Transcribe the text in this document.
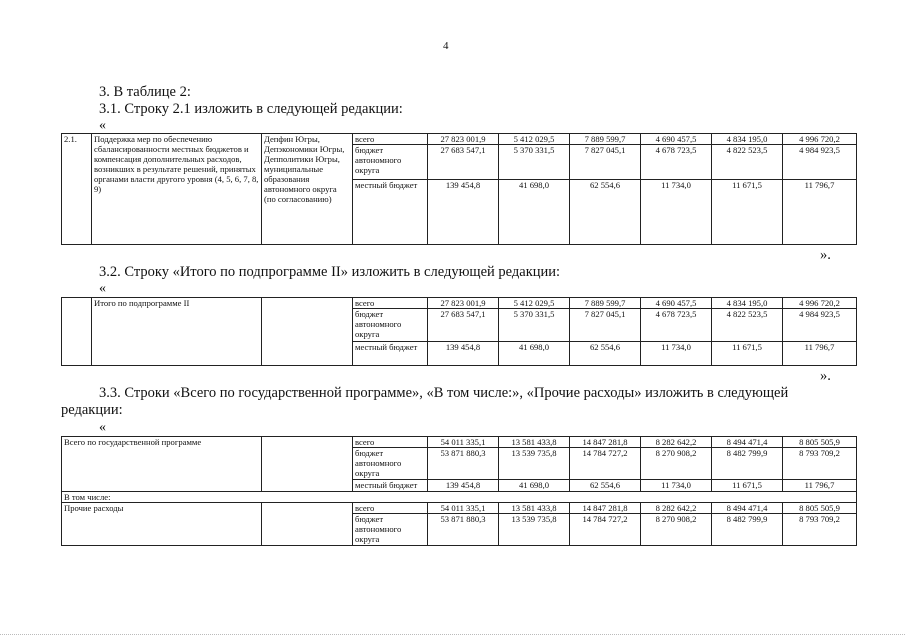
4
3. В таблице 2:
3.1. Строку 2.1 изложить в следующей редакции:
«
2.1.	Поддержка мер по обеспечению сбалансированности местных бюджетов и компенсация дополнительных расходов, возникших в результате решений, принятых органами власти другого уровня (4, 5, 6, 7, 8, 9)	Депфин Югры, Депэкономики Югры, Депполитики Югры, муниципальные образования автономного округа (по согласованию)	всего	27 823 001,9	5 412 029,5	7 889 599,7	4 690 457,5	4 834 195,0	4 996 720,2
			бюджет автономного округа	27 683 547,1	5 370 331,5	7 827 045,1	4 678 723,5	4 822 523,5	4 984 923,5
			местный бюджет	139 454,8	41 698,0	62 554,6	11 734,0	11 671,5	11 796,7
».
3.2. Строку «Итого по подпрограмме II» изложить в следующей редакции:
«
	Итого по подпрограмме II		всего	27 823 001,9	5 412 029,5	7 889 599,7	4 690 457,5	4 834 195,0	4 996 720,2
			бюджет автономного округа	27 683 547,1	5 370 331,5	7 827 045,1	4 678 723,5	4 822 523,5	4 984 923,5
			местный бюджет	139 454,8	41 698,0	62 554,6	11 734,0	11 671,5	11 796,7
».
3.3. Строки «Всего по государственной программе», «В том числе:», «Прочие расходы» изложить в следующей
редакции:
«
Всего по государственной программе		всего	54 011 335,1	13 581 433,8	14 847 281,8	8 282 642,2	8 494 471,4	8 805 505,9
		бюджет автономного округа	53 871 880,3	13 539 735,8	14 784 727,2	8 270 908,2	8 482 799,9	8 793 709,2
		местный бюджет	139 454,8	41 698,0	62 554,6	11 734,0	11 671,5	11 796,7
В том числе:								
Прочие расходы		всего	54 011 335,1	13 581 433,8	14 847 281,8	8 282 642,2	8 494 471,4	8 805 505,9
		бюджет автономного округа	53 871 880,3	13 539 735,8	14 784 727,2	8 270 908,2	8 482 799,9	8 793 709,2
